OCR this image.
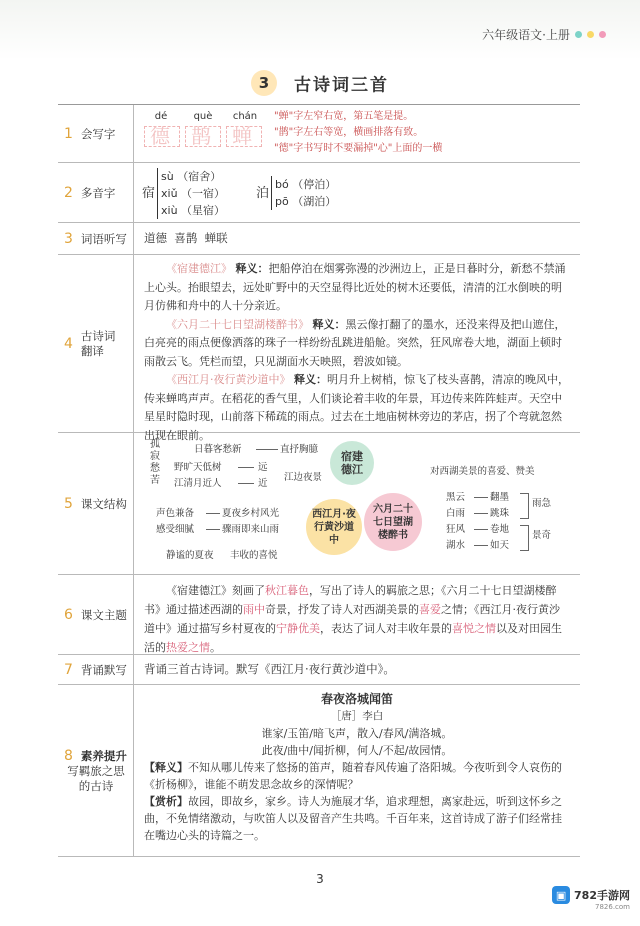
六年级语文·上册
3 古诗词三首
1 会写字
dé	què	chán
德 鹊 蝉
"蝉"字左窄右宽，第五笔是提。
"鹊"字左右等宽，横画排落有致。
"德"字书写时不要漏掉"心"上面的一横
2 多音字 宿
sù （宿舍）
xiǔ （一宿）
xiù （星宿）
泊
bó （停泊）
pō （湖泊）
3 词语听写 道德  喜鹊  蝉联
4 古诗词翻译

《宿建德江》 释义：把船停泊在烟雾弥漫的沙洲边上，正是日暮时分，新愁不禁涌上心头。抬眼望去，远处旷野中的天空显得比近处的树木还要低，清清的江水倒映的明月仿佛和舟中的人十分亲近。

《六月二十七日望湖楼醉书》 释义：黑云像打翻了的墨水，还没来得及把山遮住，白亮亮的雨点便像洒落的珠子一样纷纷乱跳进船舱。突然，狂风席卷大地，湖面上顿时雨散云飞。凭栏而望，只见湖面水天映照，碧波如镜。

《西江月·夜行黄沙道中》 释义：明月升上树梢，惊飞了枝头喜鹊，清凉的晚风中，传来蝉鸣声声。在稻花的香气里，人们谈论着丰收的年景，耳边传来阵阵蛙声。天空中星星时隐时现，山前落下稀疏的雨点。过去在土地庙树林旁边的茅店，拐了个弯就忽然出现在眼前。

5 课文结构
孤
寂
愁
苦
日暮客愁新	直抒胸臆
野旷天低树	远
江清月近人	近
江边夜景
宿建德江
西江月·夜行黄沙道中
六月二十七日望湖楼醉书
声色兼备	夏夜乡村风光
感受细腻	骤雨即来山雨
静谧的夏夜 丰收的喜悦
对西湖美景的喜爱、赞美
黑云	翻墨
白雨	跳珠
狂风	卷地
湖水	如天
雨急
景奇
6 课文主题
《宿建德江》刻画了秋江暮色，写出了诗人的羁旅之思；《六月二十七日望湖楼醉书》通过描述西湖的雨中奇景，抒发了诗人对西湖美景的喜爱之情；《西江月·夜行黄沙道中》通过描写乡村夏夜的宁静优美，表达了词人对丰收年景的喜悦之情以及对田园生活的热爱之情。
7 背诵默写 背诵三首古诗词。默写《西江月·夜行黄沙道中》。
8 素养提升
写羁旅之思的古诗
春夜洛城闻笛
［唐］李白
谁家/玉笛/暗飞声，散入/春风/满洛城。
此夜/曲中/闻折柳，何人/不起/故园情。
【释义】不知从哪儿传来了悠扬的笛声，随着春风传遍了洛阳城。今夜听到令人哀伤的《折杨柳》，谁能不萌发思念故乡的深情呢？
【赏析】故园，即故乡，家乡。诗人为施展才华，追求理想，离家赴远，听到这怀乡之曲，不免情绪激动，与吹笛人以及留音产生共鸣。千百年来，这首诗成了游子们经常挂在嘴边心头的诗篇之一。
3
▣ 782手游网
7826.com
